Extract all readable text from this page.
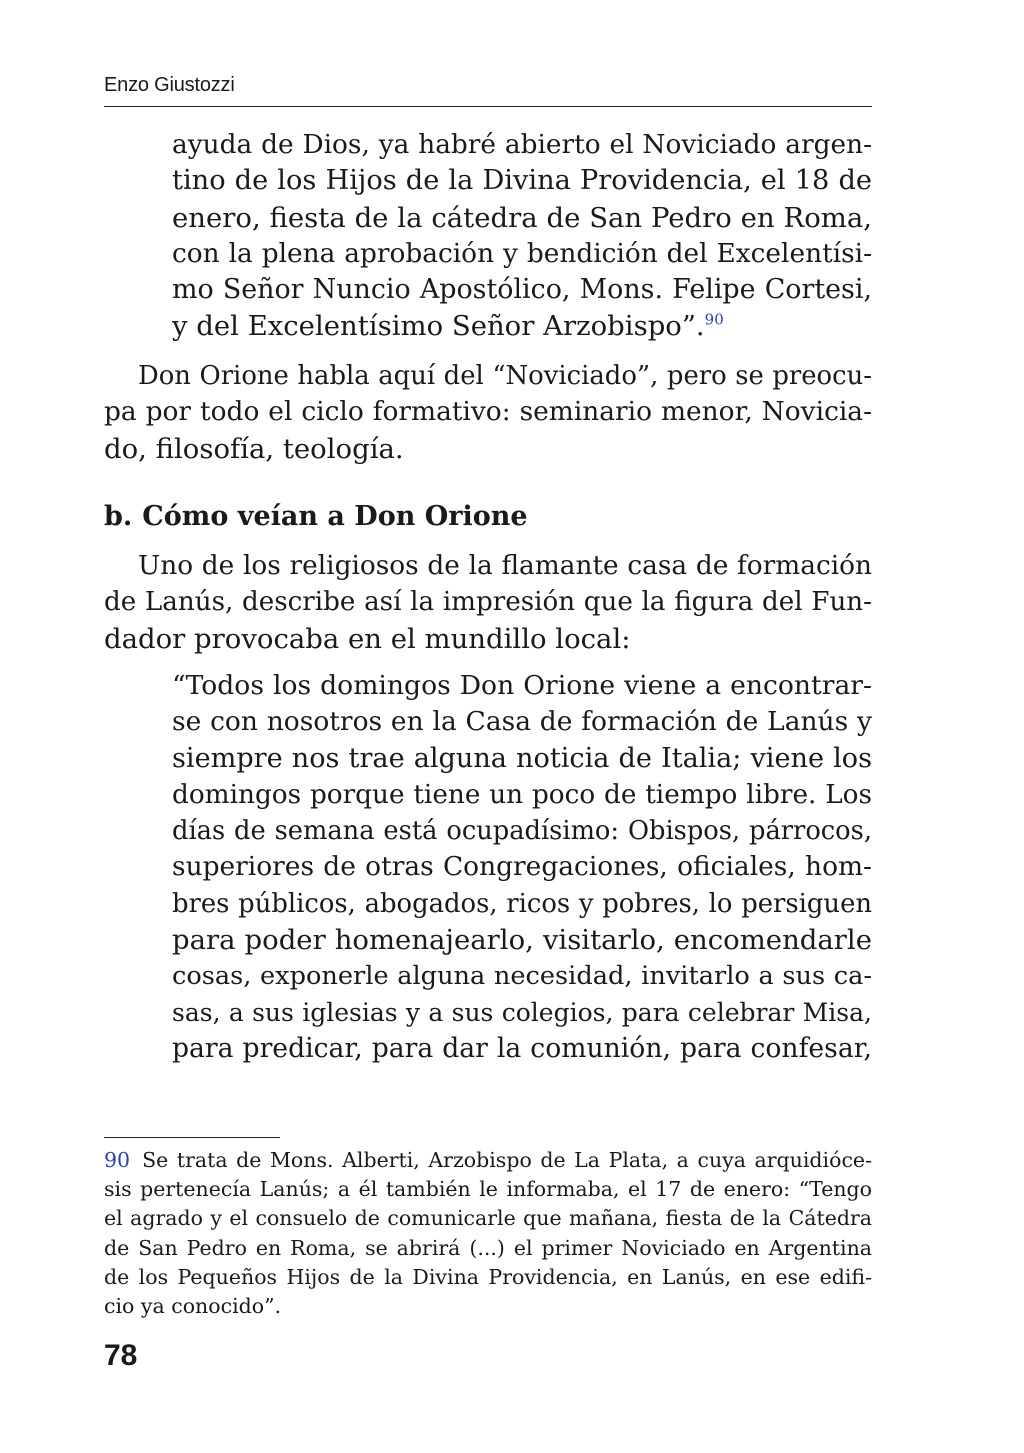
Enzo Giustozzi
ayuda de Dios, ya habré abierto el Noviciado argen-
tino de los Hijos de la Divina Providencia, el 18 de
enero, fiesta de la cátedra de San Pedro en Roma,
con la plena aprobación y bendición del Excelentísi-
mo Señor Nuncio Apostólico, Mons. Felipe Cortesi,
y del Excelentísimo Señor Arzobispo”.$^{90}$
Don Orione habla aquí del “Noviciado”, pero se preocu-
pa por todo el ciclo formativo: seminario menor, Novicia-
do, filosofía, teología.
b. Cómo veían a Don Orione
Uno de los religiosos de la flamante casa de formación
de Lanús, describe así la impresión que la figura del Fun-
dador provocaba en el mundillo local:
“Todos los domingos Don Orione viene a encontrar-
se con nosotros en la Casa de formación de Lanús y
siempre nos trae alguna noticia de Italia; viene los
domingos porque tiene un poco de tiempo libre. Los
días de semana está ocupadísimo: Obispos, párrocos,
superiores de otras Congregaciones, oficiales, hom-
bres públicos, abogados, ricos y pobres, lo persiguen
para poder homenajearlo, visitarlo, encomendarle
cosas, exponerle alguna necesidad, invitarlo a sus ca-
sas, a sus iglesias y a sus colegios, para celebrar Misa,
para predicar, para dar la comunión, para confesar,
90 Se trata de Mons. Alberti, Arzobispo de La Plata, a cuya arquidióce-
sis pertenecía Lanús; a él también le informaba, el 17 de enero: “Tengo
el agrado y el consuelo de comunicarle que mañana, fiesta de la Cátedra
de San Pedro en Roma, se abrirá (...) el primer Noviciado en Argentina
de los Pequeños Hijos de la Divina Providencia, en Lanús, en ese edifi-
cio ya conocido”.
78
